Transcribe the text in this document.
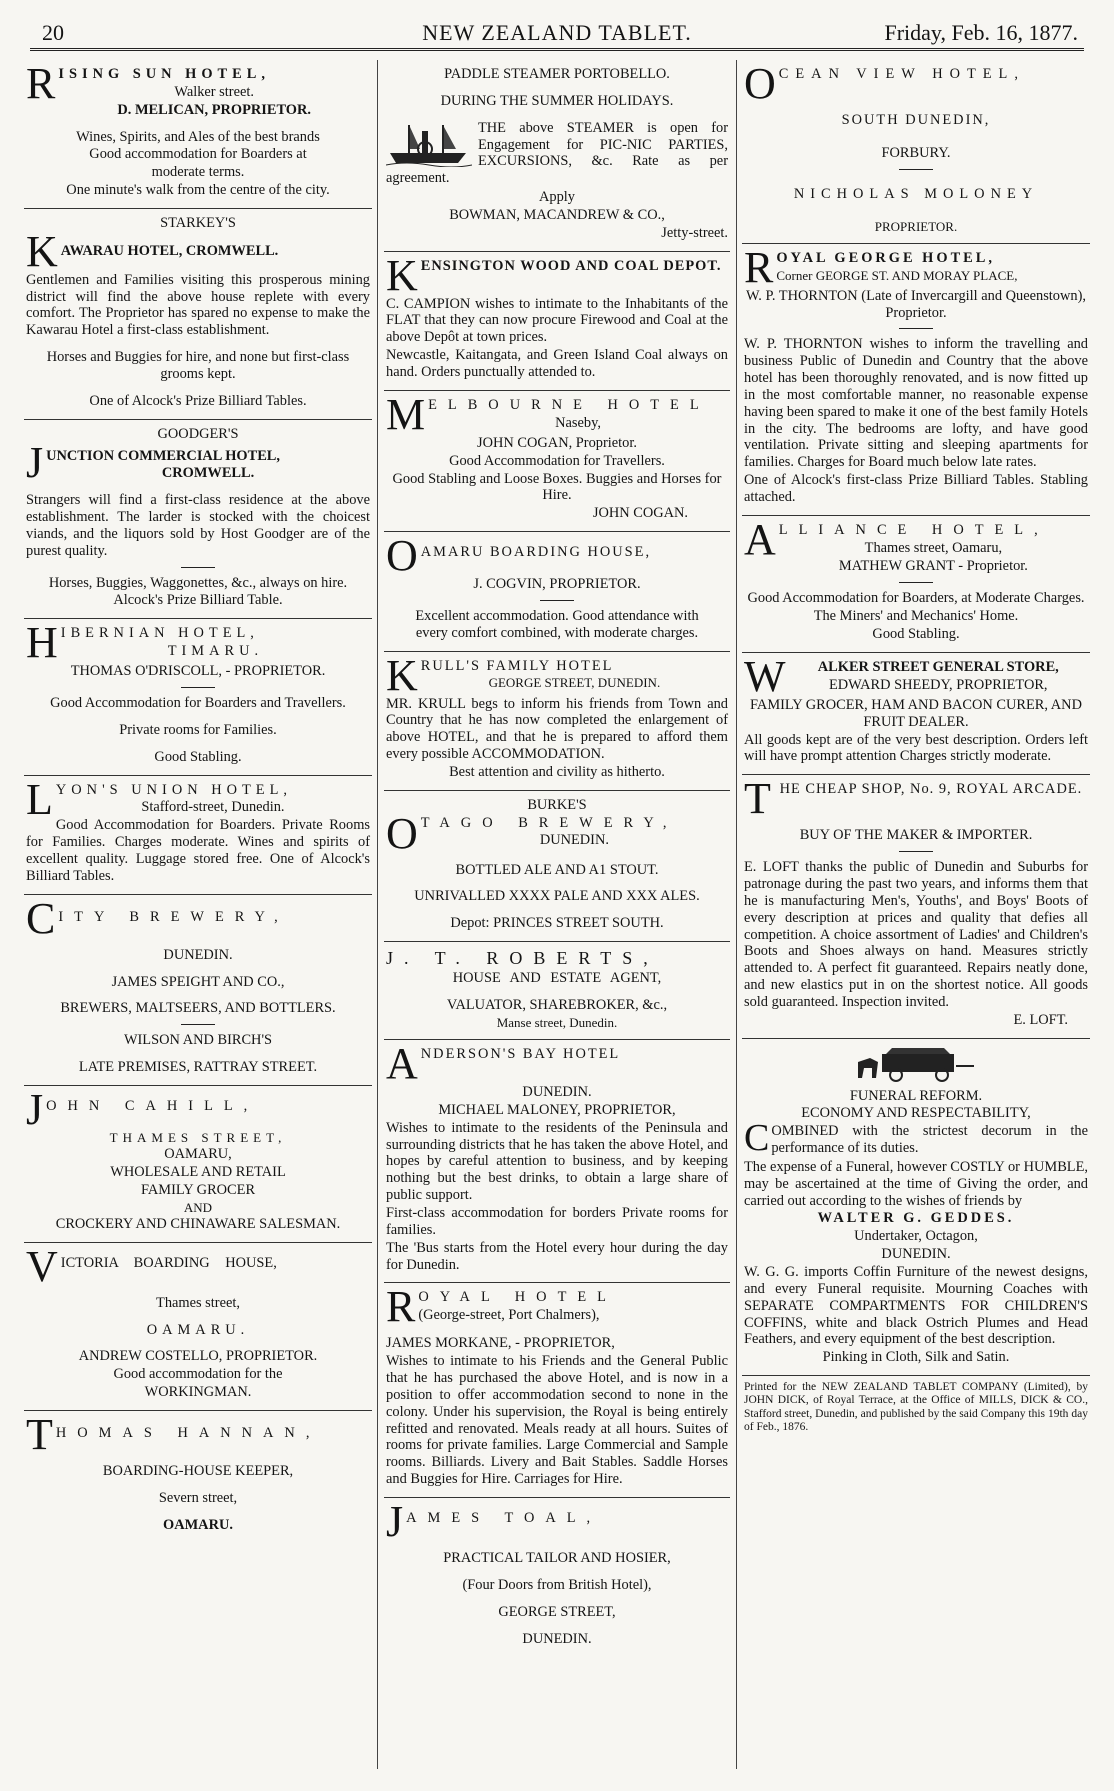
20	NEW ZEALAND TABLET.	Friday, Feb. 16, 1877.
R ISING SUN HOTEL,

Walker street.

D. MELICAN, PROPRIETOR.

Wines, Spirits, and Ales of the best brands

Good accommodation for Boarders at

moderate terms.

One minute's walk from the centre of the city.

STARKEY'S

K AWARAU HOTEL, CROMWELL.

Gentlemen and Families visiting this prosperous mining district will find the above house replete with every comfort. The Proprietor has spared no expense to make the Kawarau Hotel a first-class establishment.

Horses and Buggies for hire, and none but first-class grooms kept.

One of Alcock's Prize Billiard Tables.

GOODGER'S

J UNCTION COMMERCIAL HOTEL,

CROMWELL.

Strangers will find a first-class residence at the above establishment. The larder is stocked with the choicest viands, and the liquors sold by Host Goodger are of the purest quality.

Horses, Buggies, Waggonettes, &c., always on hire.

Alcock's Prize Billiard Table.

H IBERNIAN HOTEL,

TIMARU.

THOMAS O'DRISCOLL, - PROPRIETOR.

Good Accommodation for Boarders and Travellers.

Private rooms for Families.

Good Stabling.

L YON'S UNION HOTEL,

Stafford-street, Dunedin.

Good Accommodation for Boarders. Private Rooms for Families. Charges moderate. Wines and spirits of excellent quality. Luggage stored free. One of Alcock's Billiard Tables.

C ITY BREWERY,

DUNEDIN.

JAMES SPEIGHT AND CO.,

BREWERS, MALTSEERS, AND BOTTLERS.

WILSON AND BIRCH'S

LATE PREMISES, RATTRAY STREET.

J OHN CAHILL,

THAMES STREET,

OAMARU,

WHOLESALE AND RETAIL

FAMILY GROCER

AND

CROCKERY AND CHINAWARE SALESMAN.

V ICTORIA BOARDING HOUSE,

Thames street,

OAMARU.

ANDREW COSTELLO, PROPRIETOR.

Good accommodation for the

WORKINGMAN.

T HOMAS HANNAN,

BOARDING-HOUSE KEEPER,

Severn street,

OAMARU.

PADDLE STEAMER PORTOBELLO.

DURING THE SUMMER HOLIDAYS.

THE above STEAMER is open for Engagement for PIC-NIC PARTIES, EXCURSIONS, &c. Rate as per agreement.

Apply

BOWMAN, MACANDREW & CO.,

Jetty-street.

K ENSINGTON WOOD AND COAL DEPOT.

C. CAMPION wishes to intimate to the Inhabitants of the FLAT that they can now procure Firewood and Coal at the above Depôt at town prices.

Newcastle, Kaitangata, and Green Island Coal always on hand. Orders punctually attended to.

M ELBOURNE HOTEL

Naseby,

JOHN COGAN, Proprietor.

Good Accommodation for Travellers.

Good Stabling and Loose Boxes. Buggies and Horses for Hire.

JOHN COGAN.

O AMARU BOARDING HOUSE,

J. COGVIN, PROPRIETOR.

Excellent accommodation. Good attendance with every comfort combined, with moderate charges.

K RULL'S FAMILY HOTEL

GEORGE STREET, DUNEDIN.

MR. KRULL begs to inform his friends from Town and Country that he has now completed the enlargement of above HOTEL, and that he is prepared to afford them every possible ACCOMMODATION.

Best attention and civility as hitherto.

BURKE'S

O TAGO BREWERY,

DUNEDIN.

BOTTLED ALE AND A1 STOUT.

UNRIVALLED XXXX PALE AND XXX ALES.

Depot: PRINCES STREET SOUTH.

J. T. ROBERTS,

HOUSE AND ESTATE AGENT,

VALUATOR, SHAREBROKER, &c.,

Manse street, Dunedin.

A NDERSON'S BAY HOTEL

DUNEDIN.

MICHAEL MALONEY, PROPRIETOR,

Wishes to intimate to the residents of the Peninsula and surrounding districts that he has taken the above Hotel, and hopes by careful attention to business, and by keeping nothing but the best drinks, to obtain a large share of public support.

First-class accommodation for borders Private rooms for families.

The 'Bus starts from the Hotel every hour during the day for Dunedin.

R OYAL HOTEL

(George-street, Port Chalmers),

JAMES MORKANE, - PROPRIETOR,

Wishes to intimate to his Friends and the General Public that he has purchased the above Hotel, and is now in a position to offer accommodation second to none in the colony. Under his supervision, the Royal is being entirely refitted and renovated. Meals ready at all hours. Suites of rooms for private families. Large Commercial and Sample rooms. Billiards. Livery and Bait Stables. Saddle Horses and Buggies for Hire. Carriages for Hire.

J AMES TOAL,

PRACTICAL TAILOR AND HOSIER,

(Four Doors from British Hotel),

GEORGE STREET,

DUNEDIN.

O CEAN VIEW HOTEL,

SOUTH DUNEDIN,

FORBURY.

NICHOLAS MOLONEY

PROPRIETOR.

R OYAL GEORGE HOTEL,

Corner GEORGE ST. AND MORAY PLACE,

W. P. THORNTON (Late of Invercargill and Queenstown), Proprietor.

W. P. THORNTON wishes to inform the travelling and business Public of Dunedin and Country that the above hotel has been thoroughly renovated, and is now fitted up in the most comfortable manner, no reasonable expense having been spared to make it one of the best family Hotels in the city. The bedrooms are lofty, and have good ventilation. Private sitting and sleeping apartments for families. Charges for Board much below late rates.

One of Alcock's first-class Prize Billiard Tables. Stabling attached.

A LLIANCE HOTEL,

Thames street, Oamaru,

MATHEW GRANT - Proprietor.

Good Accommodation for Boarders, at Moderate Charges.

The Miners' and Mechanics' Home.

Good Stabling.

W	ALKER STREET GENERAL STORE,

EDWARD SHEEDY, PROPRIETOR,

FAMILY GROCER, HAM AND BACON CURER, AND FRUIT DEALER.

All goods kept are of the very best description. Orders left will have prompt attention Charges strictly moderate.

T HE CHEAP SHOP, No. 9, ROYAL ARCADE.

BUY OF THE MAKER & IMPORTER.

E. LOFT thanks the public of Dunedin and Suburbs for patronage during the past two years, and informs them that he is manufacturing Men's, Youths', and Boys' Boots of every description at prices and quality that defies all competition. A choice assortment of Ladies' and Children's Boots and Shoes always on hand. Measures strictly attended to. A perfect fit guaranteed. Repairs neatly done, and new elastics put in on the shortest notice. All goods sold guaranteed. Inspection invited.

E. LOFT.

FUNERAL REFORM.

ECONOMY AND RESPECTABILITY,

COMBINED with the strictest decorum in the performance of its duties.

The expense of a Funeral, however COSTLY or HUMBLE, may be ascertained at the time of Giving the order, and carried out according to the wishes of friends by

WALTER G. GEDDES.

Undertaker, Octagon,

DUNEDIN.

W. G. G. imports Coffin Furniture of the newest designs, and every Funeral requisite. Mourning Coaches with SEPARATE COMPARTMENTS FOR CHILDREN'S COFFINS, white and black Ostrich Plumes and Head Feathers, and every equipment of the best description.

Pinking in Cloth, Silk and Satin.

Printed for the NEW ZEALAND TABLET COMPANY (Limited), by JOHN DICK, of Royal Terrace, at the Office of MILLS, DICK & CO., Stafford street, Dunedin, and published by the said Company this 19th day of Feb., 1876.
